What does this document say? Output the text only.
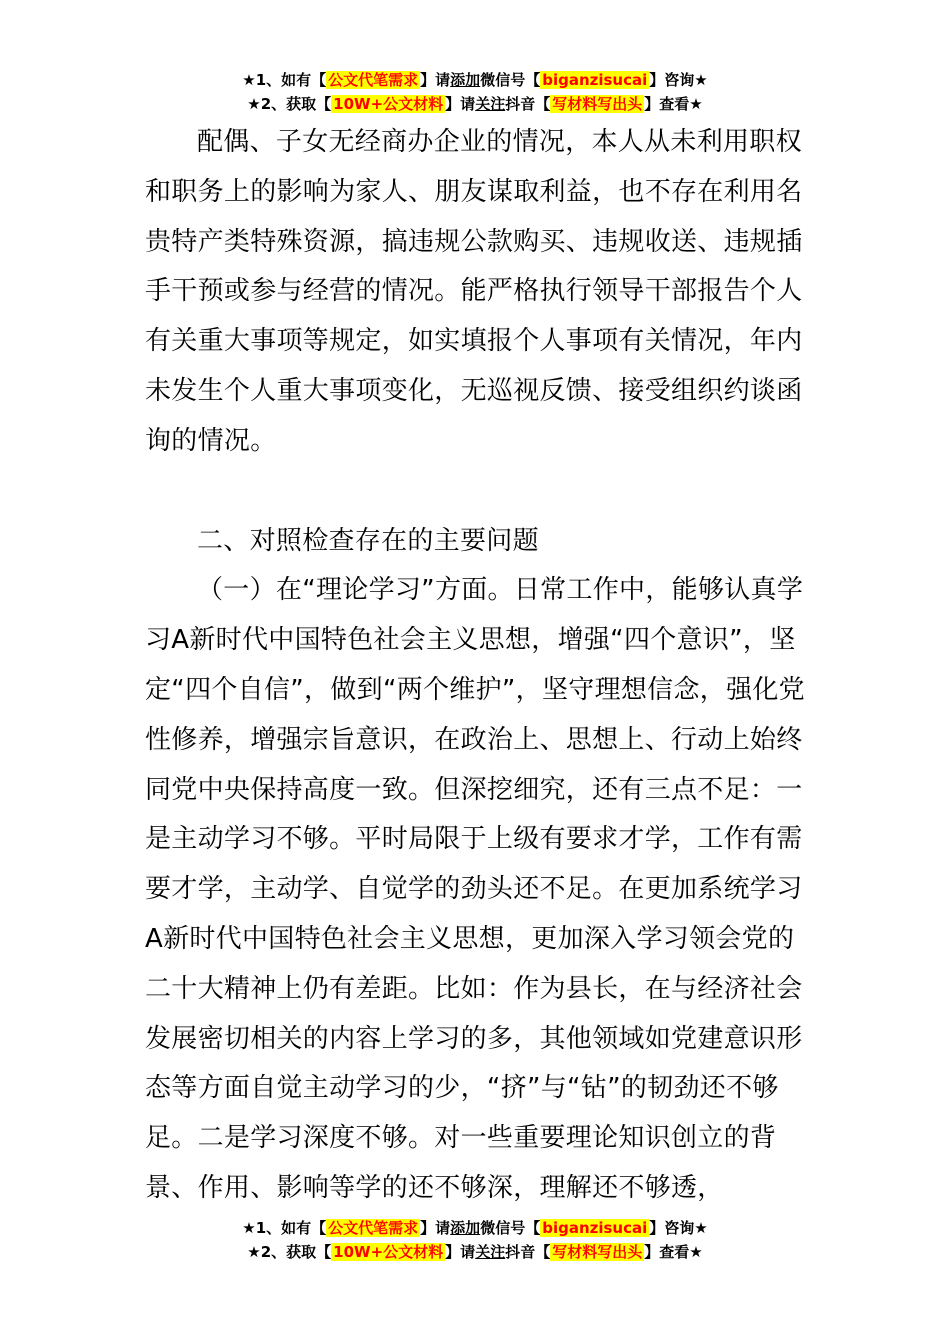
★1、如有【 公文代笔需求 】请添加微信号【 biganzisucai 】咨询★
★2、获取【 10W+公文材料 】请关注抖音【 写材料写出头 】查看★

配偶、子女无经商办企业的情况，本人从未利用职权和职务上的影响为家人、朋友谋取利益，也不存在利用名贵特产类特殊资源，搞违规公款购买、违规收送、违规插手干预或参与经营的情况。能严格执行领导干部报告个人有关重大事项等规定，如实填报个人事项有关情况，年内未发生个人重大事项变化，无巡视反馈、接受组织约谈函询的情况。

二、对照检查存在的主要问题

（一）在“理论学习”方面。日常工作中，能够认真学习A新时代中国特色社会主义思想，增强“四个意识”，坚定“四个自信”，做到“两个维护”，坚守理想信念，强化党性修养，增强宗旨意识，在政治上、思想上、行动上始终同党中央保持高度一致。但深挖细究，还有三点不足：一是主动学习不够。平时局限于上级有要求才学，工作有需要才学，主动学、自觉学的劲头还不足。在更加系统学习A新时代中国特色社会主义思想，更加深入学习领会党的二十大精神上仍有差距。比如：作为县长，在与经济社会发展密切相关的内容上学习的多，其他领域如党建意识形态等方面自觉主动学习的少，“挤”与“钻”的韧劲还不够足。二是学习深度不够。对一些重要理论知识创立的背景、作用、影响等学的还不够深，理解还不够透，

★1、如有【 公文代笔需求 】请添加微信号【 biganzisucai 】咨询★
★2、获取【 10W+公文材料 】请关注抖音【 写材料写出头 】查看★
